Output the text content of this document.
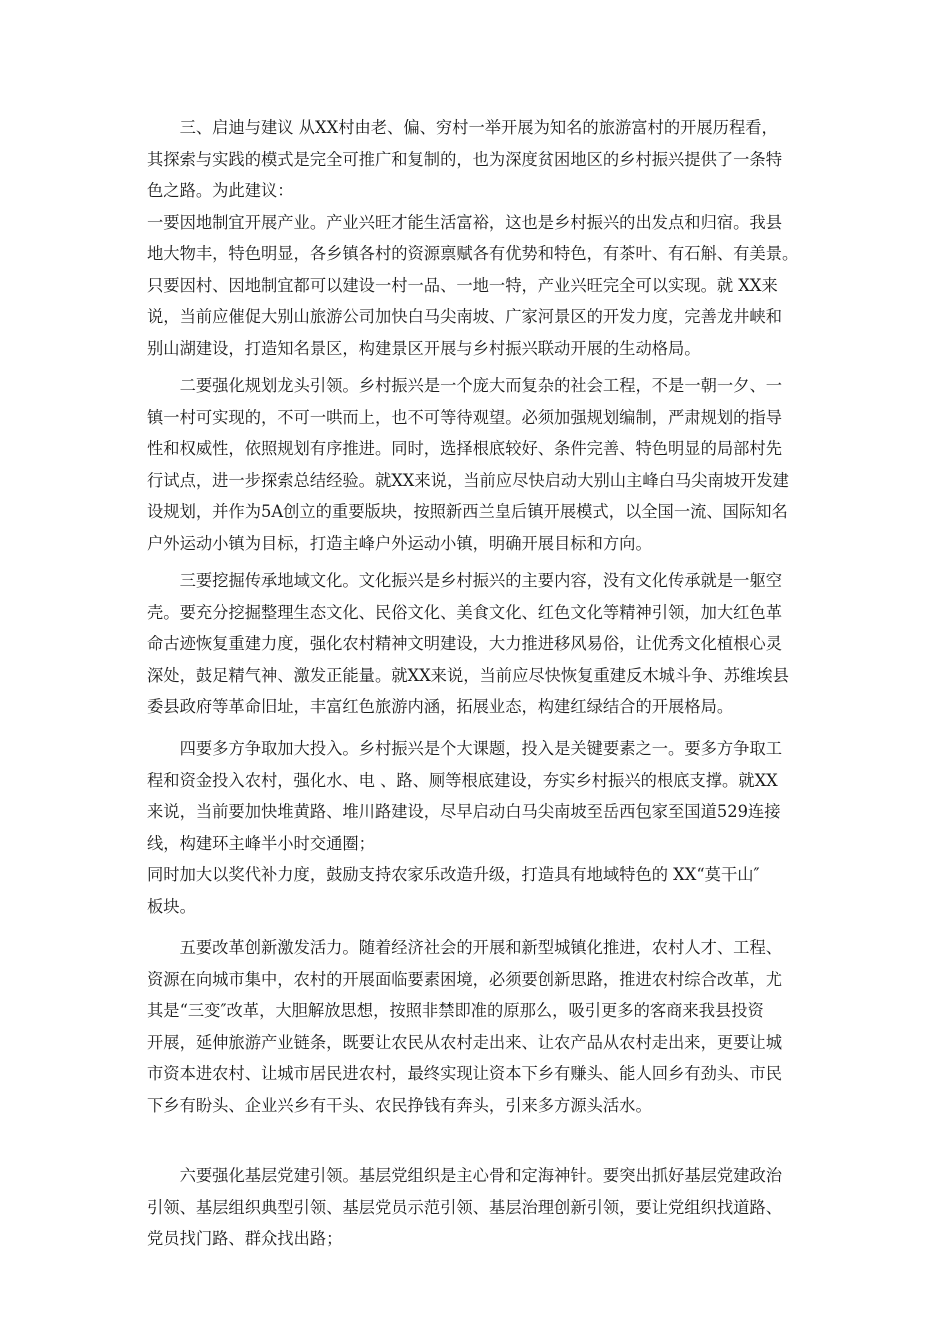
三、启迪与建议 从XX村由老、偏、穷村一举开展为知名的旅游富村的开展历程看，
其探索与实践的模式是完全可推广和复制的，也为深度贫困地区的乡村振兴提供了一条特
色之路。为此建议：

一要因地制宜开展产业。产业兴旺才能生活富裕，这也是乡村振兴的出发点和归宿。我县
地大物丰，特色明显，各乡镇各村的资源禀赋各有优势和特色，有茶叶、有石斛、有美景。
只要因村、因地制宜都可以建设一村一品、一地一特，产业兴旺完全可以实现。就 XX来
说，当前应催促大别山旅游公司加快白马尖南坡、广家河景区的开发力度，完善龙井峡和
别山湖建设，打造知名景区，构建景区开展与乡村振兴联动开展的生动格局。

二要强化规划龙头引领。乡村振兴是一个庞大而复杂的社会工程，不是一朝一夕、一
镇一村可实现的，不可一哄而上，也不可等待观望。必须加强规划编制，严肃规划的指导
性和权威性，依照规划有序推进。同时，选择根底较好、条件完善、特色明显的局部村先
行试点，进一步探索总结经验。就XX来说，当前应尽快启动大别山主峰白马尖南坡开发建
设规划，并作为5A创立的重要版块，按照新西兰皇后镇开展模式，以全国一流、国际知名
户外运动小镇为目标，打造主峰户外运动小镇，明确开展目标和方向。

三要挖掘传承地域文化。文化振兴是乡村振兴的主要内容，没有文化传承就是一躯空
壳。要充分挖掘整理生态文化、民俗文化、美食文化、红色文化等精神引领，加大红色革
命古迹恢复重建力度，强化农村精神文明建设，大力推进移风易俗，让优秀文化植根心灵
深处，鼓足精气神、激发正能量。就XX来说，当前应尽快恢复重建反木城斗争、苏维埃县
委县政府等革命旧址，丰富红色旅游内涵，拓展业态，构建红绿结合的开展格局。

四要多方争取加大投入。乡村振兴是个大课题，投入是关键要素之一。要多方争取工
程和资金投入农村，强化水、电 、路、厕等根底建设，夯实乡村振兴的根底支撑。就XX
来说，当前要加快堆黄路、堆川路建设，尽早启动白马尖南坡至岳西包家至国道529连接
线，构建环主峰半小时交通圈；

同时加大以奖代补力度，鼓励支持农家乐改造升级，打造具有地域特色的 XX“莫干山″
板块。

五要改革创新激发活力。随着经济社会的开展和新型城镇化推进，农村人才、工程、
资源在向城市集中，农村的开展面临要素困境，必须要创新思路，推进农村综合改革，尤
其是“三变″改革，大胆解放思想，按照非禁即准的原那么，吸引更多的客商来我县投资
开展，延伸旅游产业链条，既要让农民从农村走出来、让农产品从农村走出来，更要让城
市资本进农村、让城市居民进农村，最终实现让资本下乡有赚头、能人回乡有劲头、市民
下乡有盼头、企业兴乡有干头、农民挣钱有奔头，引来多方源头活水。

六要强化基层党建引领。基层党组织是主心骨和定海神针。要突出抓好基层党建政治
引领、基层组织典型引领、基层党员示范引领、基层治理创新引领，要让党组织找道路、
党员找门路、群众找出路；
